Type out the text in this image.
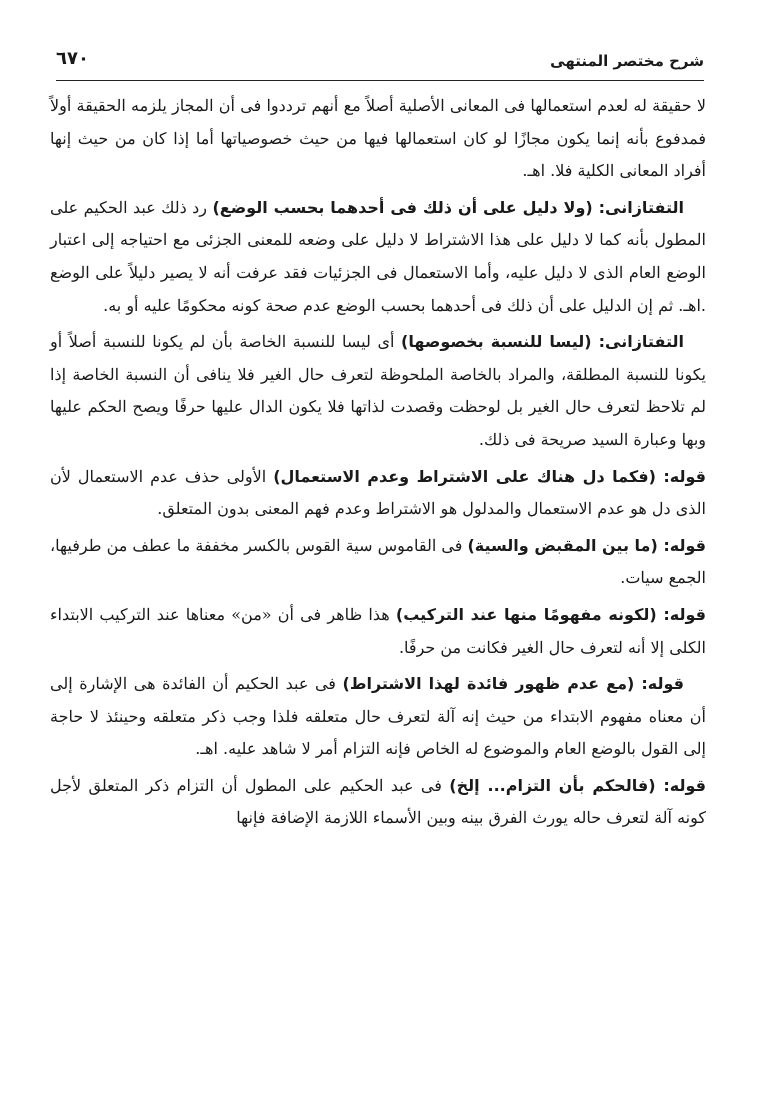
شرح مختصر المنتهى
٦٧٠

لا حقيقة له لعدم استعمالها فى المعانى الأصلية أصلاً مع أنهم ترددوا فى أن المجاز يلزمه الحقيقة أولاً فمدفوع بأنه إنما يكون مجازًا لو كان استعمالها فيها من حيث خصوصياتها أما إذا كان من حيث إنها أفراد المعانى الكلية فلا. اهـ.

التفتازانى: (ولا دليل على أن ذلك فى أحدهما بحسب الوضع) رد ذلك عبد الحكيم على المطول بأنه كما لا دليل على هذا الاشتراط لا دليل على وضعه للمعنى الجزئى مع احتياجه إلى اعتبار الوضع العام الذى لا دليل عليه، وأما الاستعمال فى الجزئيات فقد عرفت أنه لا يصير دليلاً على الوضع .اهـ. ثم إن الدليل على أن ذلك فى أحدهما بحسب الوضع عدم صحة كونه محكومًا عليه أو به.

التفتازانى: (ليسا للنسبة بخصوصها) أى ليسا للنسبة الخاصة بأن لم يكونا للنسبة أصلاً أو يكونا للنسبة المطلقة، والمراد بالخاصة الملحوظة لتعرف حال الغير فلا ينافى أن النسبة الخاصة إذا لم تلاحظ لتعرف حال الغير بل لوحظت وقصدت لذاتها فلا يكون الدال عليها حرفًا ويصح الحكم عليها وبها وعبارة السيد صريحة فى ذلك.

قوله: (فكما دل هناك على الاشتراط وعدم الاستعمال) الأولى حذف عدم الاستعمال لأن الذى دل هو عدم الاستعمال والمدلول هو الاشتراط وعدم فهم المعنى بدون المتعلق.

قوله: (ما بين المقبض والسية) فى القاموس سية القوس بالكسر مخففة ما عطف من طرفيها، الجمع سيات.

قوله: (لكونه مفهومًا منها عند التركيب) هذا ظاهر فى أن «من» معناها عند التركيب الابتداء الكلى إلا أنه لتعرف حال الغير فكانت من حرفًا.

قوله: (مع عدم ظهور فائدة لهذا الاشتراط) فى عبد الحكيم أن الفائدة هى الإشارة إلى أن معناه مفهوم الابتداء من حيث إنه آلة لتعرف حال متعلقه فلذا وجب ذكر متعلقه وحينئذ لا حاجة إلى القول بالوضع العام والموضوع له الخاص فإنه التزام أمر لا شاهد عليه. اهـ.

قوله: (فالحكم بأن التزام... إلخ) فى عبد الحكيم على المطول أن التزام ذكر المتعلق لأجل كونه آلة لتعرف حاله يورث الفرق بينه وبين الأسماء اللازمة الإضافة فإنها
